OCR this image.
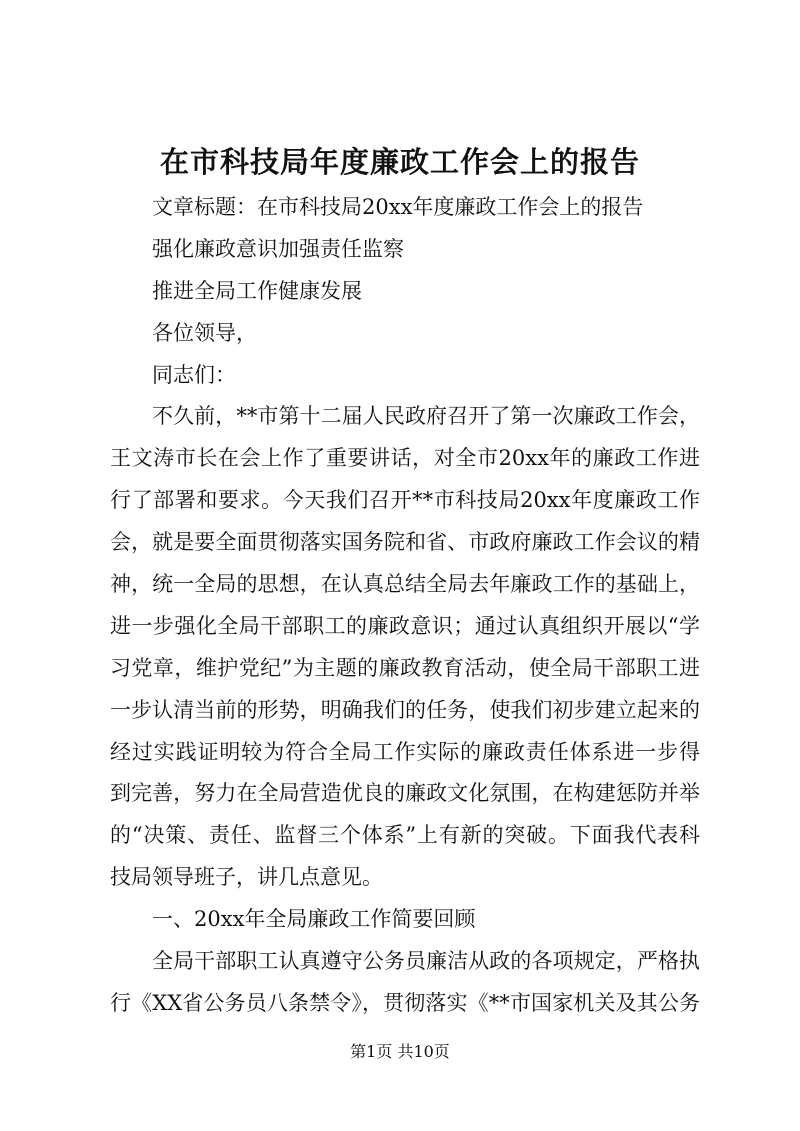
在市科技局年度廉政工作会上的报告

文章标题：在市科技局20xx年度廉政工作会上的报告

强化廉政意识加强责任监察

推进全局工作健康发展

各位领导，

同志们：

不久前，**市第十二届人民政府召开了第一次廉政工作会，

王文涛市长在会上作了重要讲话，对全市20xx年的廉政工作进

行了部署和要求。今天我们召开**市科技局20xx年度廉政工作

会，就是要全面贯彻落实国务院和省、市政府廉政工作会议的精

神，统一全局的思想，在认真总结全局去年廉政工作的基础上，

进一步强化全局干部职工的廉政意识；通过认真组织开展以“学

习党章，维护党纪”为主题的廉政教育活动，使全局干部职工进

一步认清当前的形势，明确我们的任务，使我们初步建立起来的

经过实践证明较为符合全局工作实际的廉政责任体系进一步得

到完善，努力在全局营造优良的廉政文化氛围，在构建惩防并举

的“决策、责任、监督三个体系”上有新的突破。下面我代表科

技局领导班子，讲几点意见。

一、20xx年全局廉政工作简要回顾

全局干部职工认真遵守公务员廉洁从政的各项规定，严格执

行《XX省公务员八条禁令》，贯彻落实《**市国家机关及其公务

第1页 共10页
